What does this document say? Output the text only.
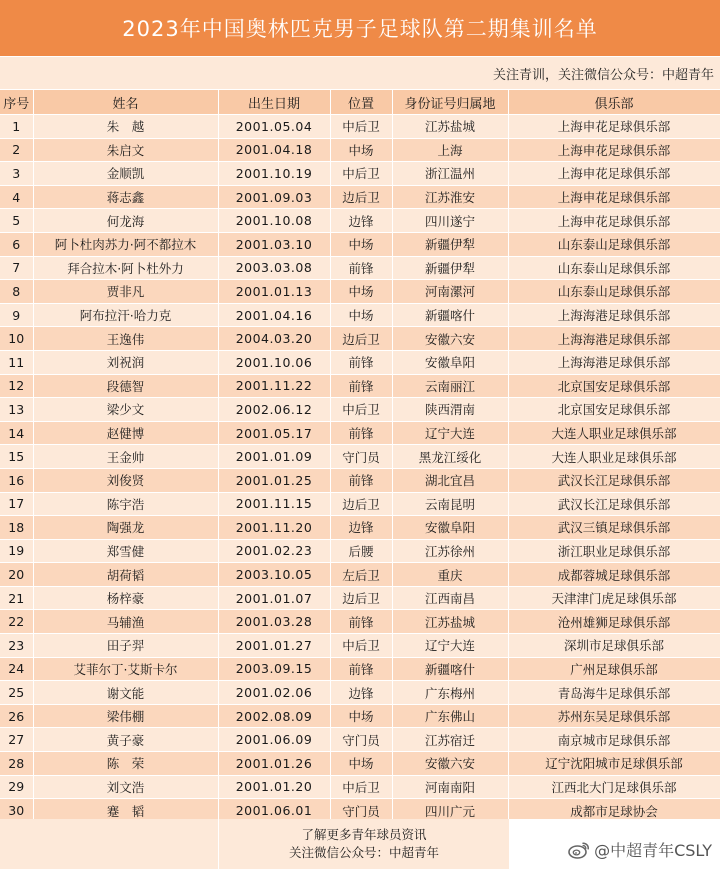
2023年中国奥林匹克男子足球队第二期集训名单
关注青训，关注微信公众号：中超青年
序号	姓名	出生日期	位置	身份证号归属地	俱乐部
1	朱　越	2001.05.04	中后卫	江苏盐城	上海申花足球俱乐部
2	朱启文	2001.04.18	中场	上海	上海申花足球俱乐部
3	金顺凯	2001.10.19	中后卫	浙江温州	上海申花足球俱乐部
4	蒋志鑫	2001.09.03	边后卫	江苏淮安	上海申花足球俱乐部
5	何龙海	2001.10.08	边锋	四川遂宁	上海申花足球俱乐部
6	阿卜杜肉苏力·阿不都拉木	2001.03.10	中场	新疆伊犁	山东泰山足球俱乐部
7	拜合拉木·阿卜杜外力	2003.03.08	前锋	新疆伊犁	山东泰山足球俱乐部
8	贾非凡	2001.01.13	中场	河南漯河	山东泰山足球俱乐部
9	阿布拉汗·哈力克	2001.04.16	中场	新疆喀什	上海海港足球俱乐部
10	王逸伟	2004.03.20	边后卫	安徽六安	上海海港足球俱乐部
11	刘祝润	2001.10.06	前锋	安徽阜阳	上海海港足球俱乐部
12	段德智	2001.11.22	前锋	云南丽江	北京国安足球俱乐部
13	梁少文	2002.06.12	中后卫	陕西渭南	北京国安足球俱乐部
14	赵健博	2001.05.17	前锋	辽宁大连	大连人职业足球俱乐部
15	王金帅	2001.01.09	守门员	黑龙江绥化	大连人职业足球俱乐部
16	刘俊贤	2001.01.25	前锋	湖北宜昌	武汉长江足球俱乐部
17	陈宇浩	2001.11.15	边后卫	云南昆明	武汉长江足球俱乐部
18	陶强龙	2001.11.20	边锋	安徽阜阳	武汉三镇足球俱乐部
19	郑雪健	2001.02.23	后腰	江苏徐州	浙江职业足球俱乐部
20	胡荷韬	2003.10.05	左后卫	重庆	成都蓉城足球俱乐部
21	杨梓豪	2001.01.07	边后卫	江西南昌	天津津门虎足球俱乐部
22	马辅渔	2001.03.28	前锋	江苏盐城	沧州雄狮足球俱乐部
23	田子羿	2001.01.27	中后卫	辽宁大连	深圳市足球俱乐部
24	艾菲尔丁·艾斯卡尔	2003.09.15	前锋	新疆喀什	广州足球俱乐部
25	谢文能	2001.02.06	边锋	广东梅州	青岛海牛足球俱乐部
26	梁伟棚	2002.08.09	中场	广东佛山	苏州东吴足球俱乐部
27	黄子豪	2001.06.09	守门员	江苏宿迁	南京城市足球俱乐部
28	陈　荣	2001.01.26	中场	安徽六安	辽宁沈阳城市足球俱乐部
29	刘文浩	2001.01.20	中后卫	河南南阳	江西北大门足球俱乐部
30	蹇　韬	2001.06.01	守门员	四川广元	成都市足球协会
了解更多青年球员资讯
关注微信公众号：中超青年	@中超青年CSLY
